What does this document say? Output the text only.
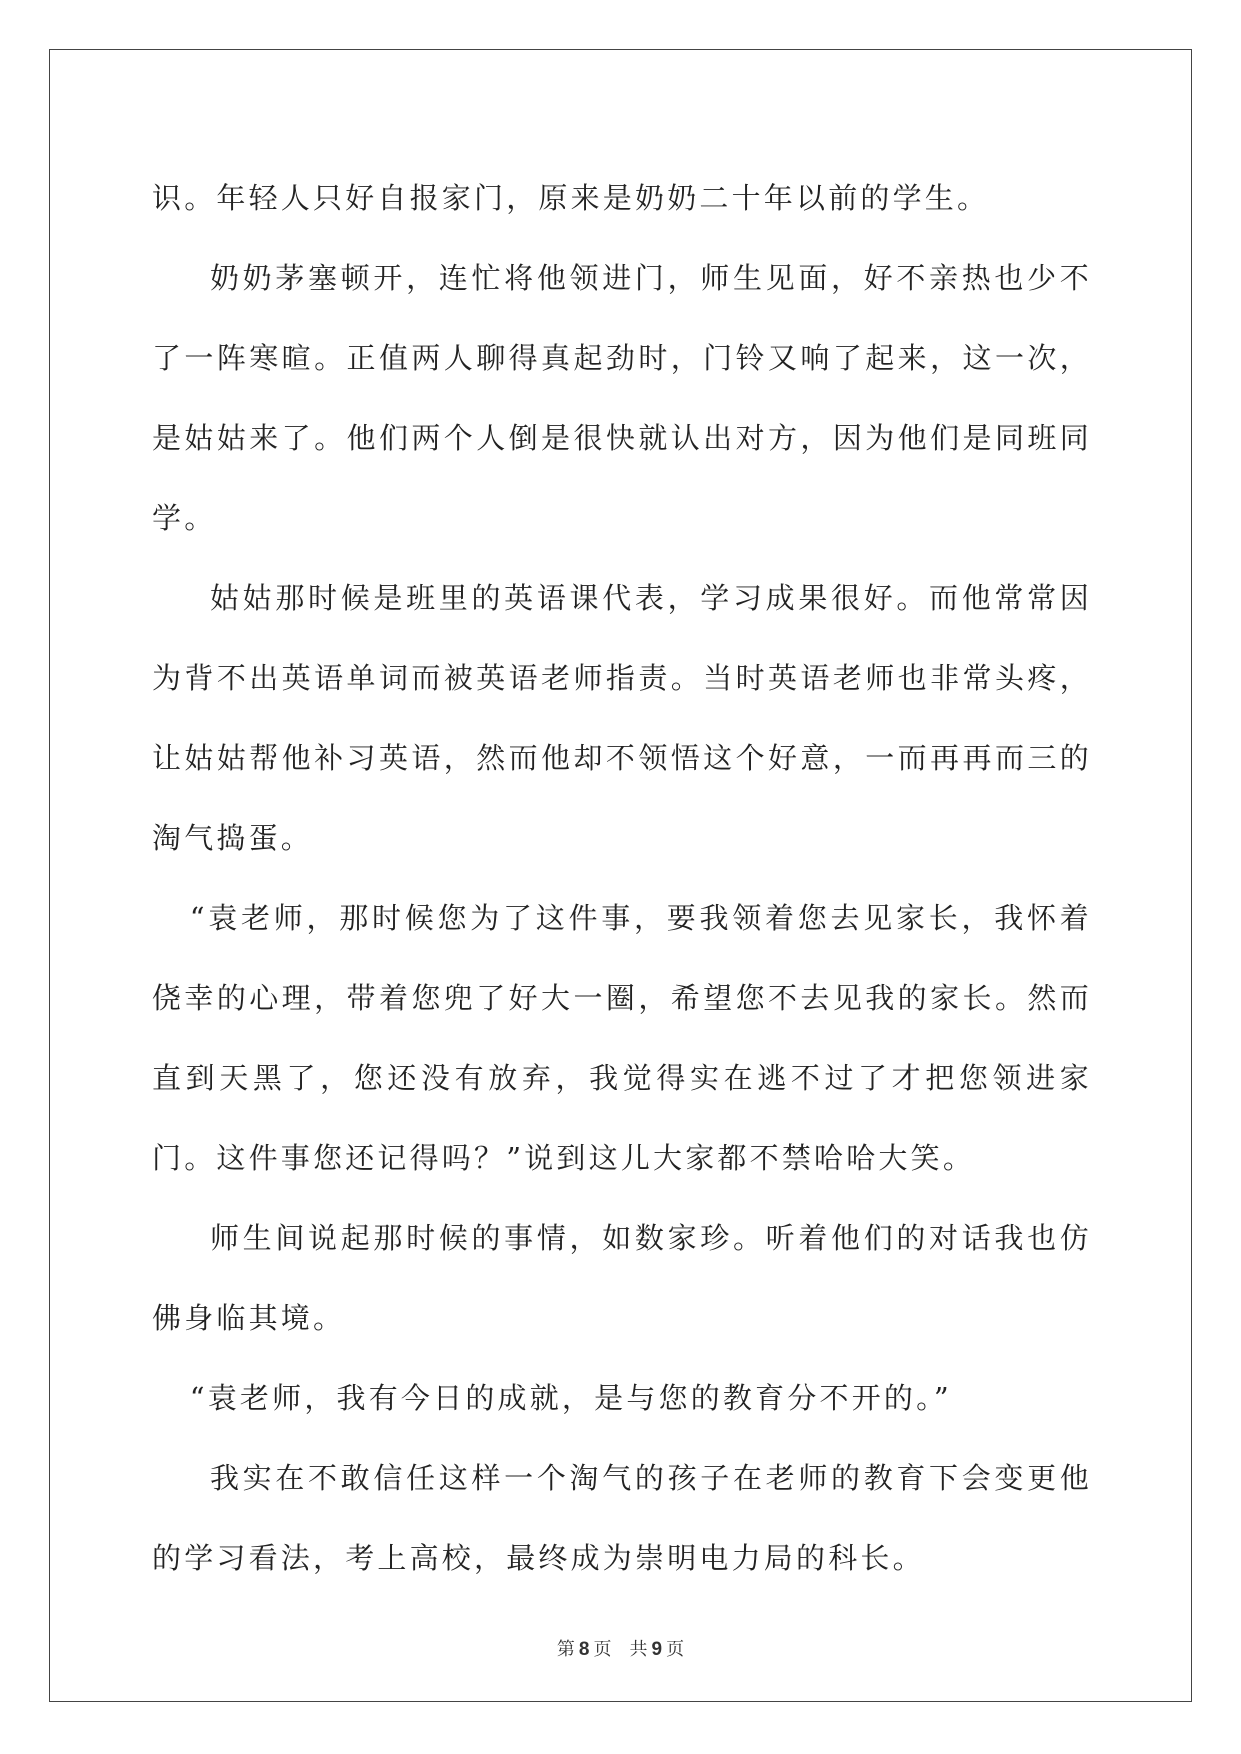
识。年轻人只好自报家门，原来是奶奶二十年以前的学生。

奶奶茅塞顿开，连忙将他领进门，师生见面，好不亲热也少不了一阵寒暄。正值两人聊得真起劲时，门铃又响了起来，这一次，是姑姑来了。他们两个人倒是很快就认出对方，因为他们是同班同学。

姑姑那时候是班里的英语课代表，学习成果很好。而他常常因为背不出英语单词而被英语老师指责。当时英语老师也非常头疼，让姑姑帮他补习英语，然而他却不领悟这个好意，一而再再而三的淘气捣蛋。

“袁老师，那时候您为了这件事，要我领着您去见家长，我怀着侥幸的心理，带着您兜了好大一圈，希望您不去见我的家长。然而直到天黑了，您还没有放弃，我觉得实在逃不过了才把您领进家门。这件事您还记得吗？”说到这儿大家都不禁哈哈大笑。

师生间说起那时候的事情，如数家珍。听着他们的对话我也仿佛身临其境。

“袁老师，我有今日的成就，是与您的教育分不开的。”

我实在不敢信任这样一个淘气的孩子在老师的教育下会变更他的学习看法，考上高校，最终成为崇明电力局的科长。

第 8 页 共 9 页
